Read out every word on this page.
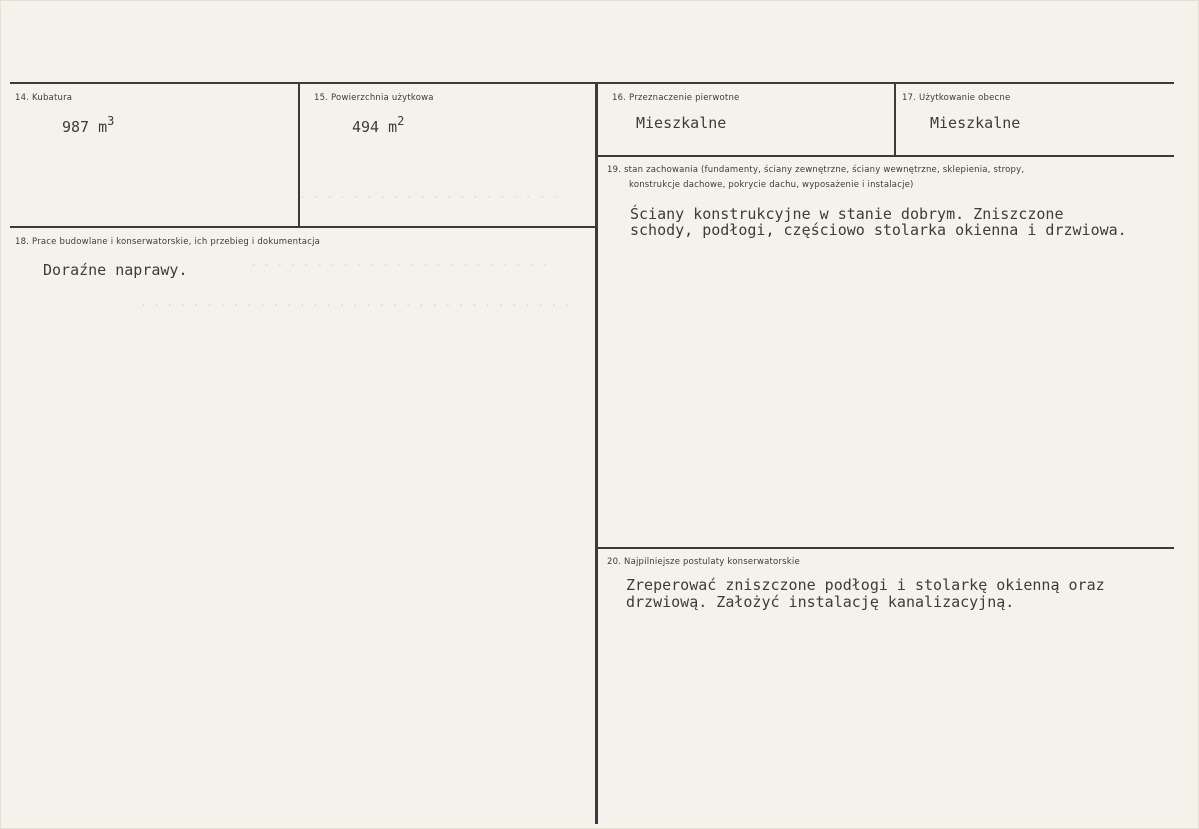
- - - - - - - - - - - - - - - - - - - -
- - - - - - - - - - - - - - - - - - - - - - -
. . . . . . . . . . . . . . . . . . . . . . . . . . . . . . . . .
14. Kubatura
987 $m^3$
15. Powierzchnia użytkowa
494 $m^2$
16. Przeznaczenie pierwotne
Mieszkalne
17. Użytkowanie obecne
Mieszkalne
18. Prace budowlane i konserwatorskie, ich przebieg i dokumentacja
Doraźne naprawy.
19. stan zachowania (fundamenty, ściany zewnętrzne, ściany wewnętrzne, sklepienia, stropy,
konstrukcje dachowe, pokrycie dachu, wyposażenie i instalacje)
Ściany konstrukcyjne w stanie dobrym. Zniszczone
schody, podłogi, częściowo stolarka okienna i drzwiowa.
20. Najpilniejsze postulaty konserwatorskie
Zreperować zniszczone podłogi i stolarkę okienną oraz
drzwiową. Założyć instalację kanalizacyjną.
